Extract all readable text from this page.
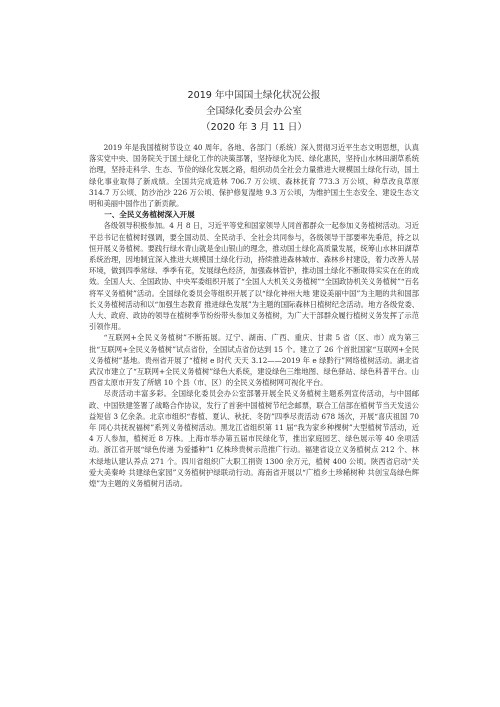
2019 年中国国土绿化状况公报

全国绿化委员会办公室

（2020 年 3 月 11 日）

2019 年是我国植树节设立 40 周年。各地、各部门（系统）深入贯彻习近平生态文明思想，认真落实党中央、国务院关于国土绿化工作的决策部署，坚持绿化为民、绿化惠民，坚持山水林田湖草系统治理，坚持走科学、生态、节俭的绿化发展之路，组织动员全社会力量推进大规模国土绿化行动，国土绿化事业取得了新成绩。全国共完成造林 706.7 万公顷、森林抚育 773.3 万公顷、种草改良草原 314.7 万公顷、防沙治沙 226 万公顷、保护修复湿地 9.3 万公顷，为维护国土生态安全、建设生态文明和美丽中国作出了新贡献。

一、全民义务植树深入开展

各级领导积极参加。4 月 8 日，习近平等党和国家领导人同首都群众一起参加义务植树活动。习近平总书记在植树时强调，要全国动员、全民动手、全社会共同参与，各级领导干部要率先垂范，持之以恒开展义务植树。要践行绿水青山就是金山银山的理念，推动国土绿化高质量发展，统筹山水林田湖草系统治理，因地制宜深入推进大规模国土绿化行动，持续推进森林城市、森林乡村建设，着力改善人居环境，做到四季常绿、季季有花，发展绿色经济，加强森林管护，推动国土绿化不断取得实实在在的成效。全国人大、全国政协、中央军委组织开展了“全国人大机关义务植树”“全国政协机关义务植树”“百名将军义务植树”活动。全国绿化委员会等组织开展了以“绿化神州大地 建设美丽中国”为主题的共和国部长义务植树活动和以“加强生态教育 推进绿色发展”为主题的国际森林日植树纪念活动。地方各级党委、人大、政府、政协的领导在植树季节纷纷带头参加义务植树，为广大干部群众履行植树义务发挥了示范引领作用。

“互联网+全民义务植树”不断拓展。辽宁、湖南、广西、重庆、甘肃 5 省（区、市）成为第三批“互联网+全民义务植树”试点省份，全国试点省份达到 15 个。建立了 26 个首批国家“互联网+全民义务植树”基地。贵州省开展了“植树 e 时代 天天 3.12——2019 年 e 绿黔行”网络植树活动。湖北省武汉市建立了“互联网+全民义务植树”绿色大系统，建设绿色三维地图、绿色驿站、绿色科普平台。山西省太原市开发了所辖 10 个县（市、区）的全民义务植树网可视化平台。

尽责活动丰富多彩。全国绿化委员会办公室部署开展全民义务植树主题系列宣传活动，与中国邮政、中国铁建签署了战略合作协议，发行了首套中国植树节纪念邮票，联合工信部在植树节当天发送公益短信 3 亿余条。北京市组织“春植、夏认、秋抚、冬防”四季尽责活动 678 场次，开展“喜庆祖国 70 年 同心共抚祝福树”系列义务植树活动。黑龙江省组织第 11 届“我为家乡种棵树”大型植树节活动，近 4 万人参加，植树近 8 万株。上海市举办第五届市民绿化节，推出家庭园艺、绿色展示等 40 余项活动。浙江省开展“绿色传递 为爱播种”1 亿株珍贵树示范推广行动。福建省设立义务植树点 212 个、林木绿地认建认养点 271 个。四川省组织广大职工捐资 1300 余万元，植树 400 公顷。陕西省启动“关爱大美秦岭 共建绿色家园”义务植树护绿联动行动。海南省开展以“广植乡土珍稀树种 共创宝岛绿色辉煌”为主题的义务植树月活动。
